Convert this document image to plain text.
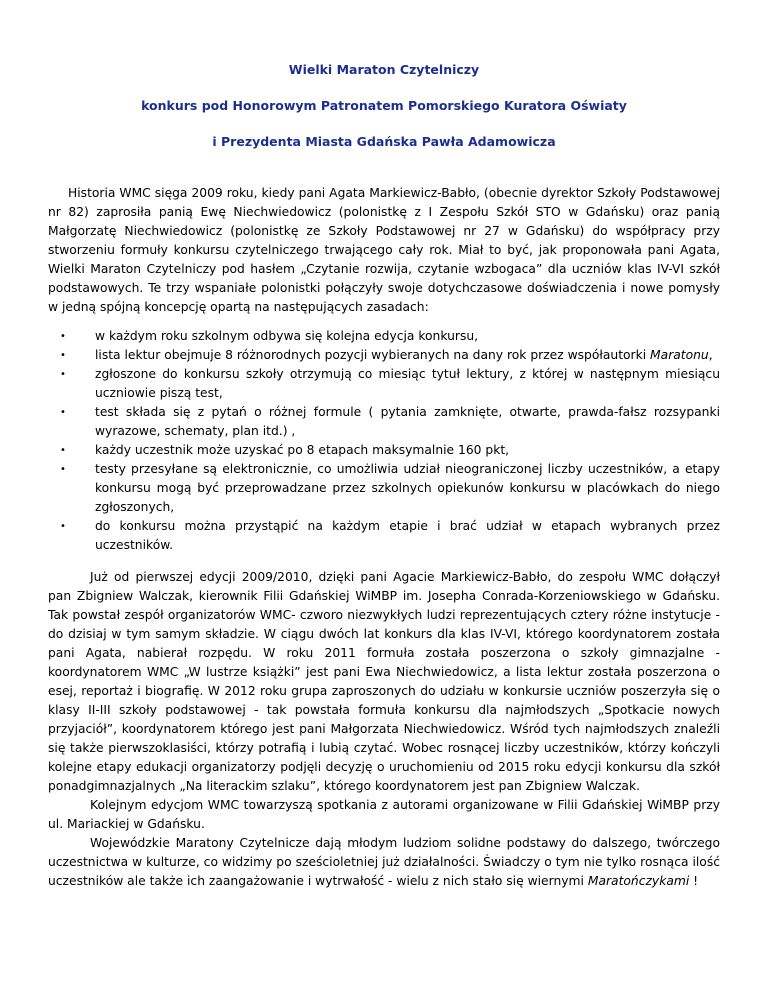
Wielki Maraton Czytelniczy
konkurs pod Honorowym Patronatem Pomorskiego Kuratora Oświaty
i Prezydenta Miasta Gdańska Pawła Adamowicza

Historia WMC sięga 2009 roku, kiedy pani Agata Markiewicz-Babło, (obecnie dyrektor Szkoły Podstawowej nr 82) zaprosiła panią Ewę Niechwiedowicz (polonistkę z I Zespołu Szkół STO w Gdańsku) oraz panią Małgorzatę Niechwiedowicz (polonistkę ze Szkoły Podstawowej nr 27 w Gdańsku) do współpracy przy stworzeniu formuły konkursu czytelniczego trwającego cały rok. Miał to być, jak proponowała pani Agata, Wielki Maraton Czytelniczy pod hasłem „Czytanie rozwija, czytanie wzbogaca” dla uczniów klas IV-VI szkół podstawowych. Te trzy wspaniałe polonistki połączyły swoje dotychczasowe doświadczenia i nowe pomysły w jedną spójną koncepcję opartą na następujących zasadach:

• w każdym roku szkolnym odbywa się kolejna edycja konkursu,
• lista lektur obejmuje 8 różnorodnych pozycji wybieranych na dany rok przez współautorki Maratonu,
• zgłoszone do konkursu szkoły otrzymują co miesiąc tytuł lektury, z której w następnym miesiącu uczniowie piszą test,
• test składa się z pytań o różnej formule ( pytania zamknięte, otwarte, prawda-fałsz rozsypanki wyrazowe, schematy, plan itd.) ,
• każdy uczestnik może uzyskać po 8 etapach maksymalnie 160 pkt,
• testy przesyłane są elektronicznie, co umożliwia udział nieograniczonej liczby uczestników, a etapy konkursu mogą być przeprowadzane przez szkolnych opiekunów konkursu w placówkach do niego zgłoszonych,
• do konkursu można przystąpić na każdym etapie i brać udział w etapach wybranych przez uczestników.

Już od pierwszej edycji 2009/2010, dzięki pani Agacie Markiewicz-Babło, do zespołu WMC dołączył pan Zbigniew Walczak, kierownik Filii Gdańskiej WiMBP im. Josepha Conrada-Korzeniowskiego w Gdańsku. Tak powstał zespół organizatorów WMC- czworo niezwykłych ludzi reprezentujących cztery różne instytucje - do dzisiaj w tym samym składzie. W ciągu dwóch lat konkurs dla klas IV-VI, którego koordynatorem została pani Agata, nabierał rozpędu. W roku 2011 formuła została poszerzona o szkoły gimnazjalne - koordynatorem WMC „W lustrze książki” jest pani Ewa Niechwiedowicz, a lista lektur została poszerzona o esej, reportaż i biografię. W 2012 roku grupa zaproszonych do udziału w konkursie uczniów poszerzyła się o klasy II-III szkoły podstawowej - tak powstała formuła konkursu dla najmłodszych „Spotkacie nowych przyjaciół”, koordynatorem którego jest pani Małgorzata Niechwiedowicz. Wśród tych najmłodszych znaleźli się także pierwszoklasiści, którzy potrafią i lubią czytać. Wobec rosnącej liczby uczestników, którzy kończyli kolejne etapy edukacji organizatorzy podjęli decyzję o uruchomieniu od 2015 roku edycji konkursu dla szkół ponadgimnazjalnych „Na literackim szlaku”, którego koordynatorem jest pan Zbigniew Walczak.

Kolejnym edycjom WMC towarzyszą spotkania z autorami organizowane w Filii Gdańskiej WiMBP przy ul. Mariackiej w Gdańsku.

Wojewódzkie Maratony Czytelnicze dają młodym ludziom solidne podstawy do dalszego, twórczego uczestnictwa w kulturze, co widzimy po sześcioletniej już działalności. Świadczy o tym nie tylko rosnąca ilość uczestników ale także ich zaangażowanie i wytrwałość - wielu z nich stało się wiernymi Maratończykami !
